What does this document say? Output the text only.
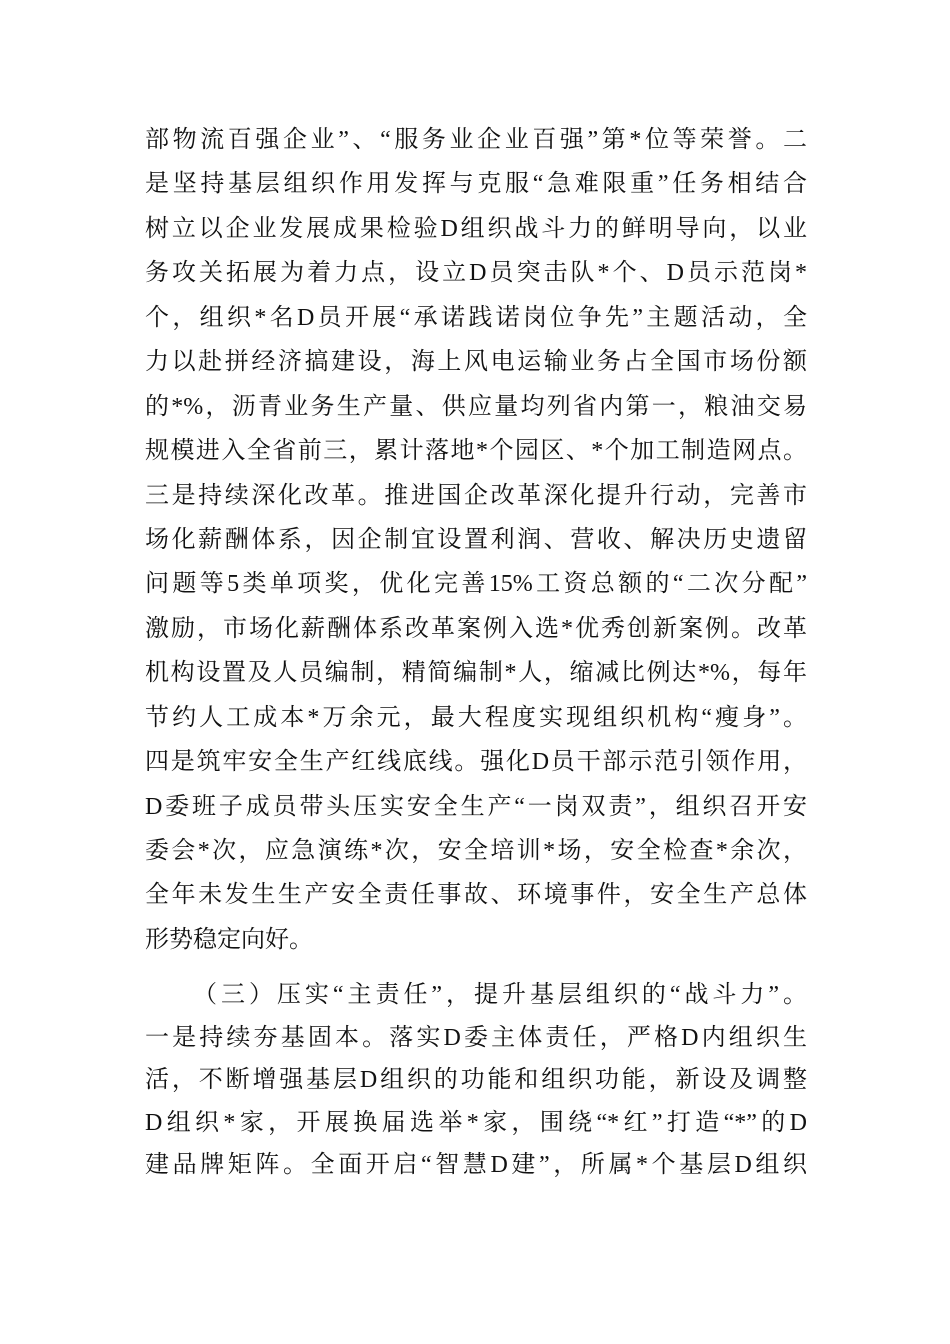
部物流百强企业”、“服务业企业百强”第*位等荣誉。二
是坚持基层组织作用发挥与克服“急难限重”任务相结合
树立以企业发展成果检验D组织战斗力的鲜明导向，以业
务攻关拓展为着力点，设立D员突击队*个、D员示范岗*
个，组织*名D员开展“承诺践诺岗位争先”主题活动，全
力以赴拼经济搞建设，海上风电运输业务占全国市场份额
的*%，沥青业务生产量、供应量均列省内第一，粮油交易
规模进入全省前三，累计落地*个园区、*个加工制造网点。
三是持续深化改革。推进国企改革深化提升行动，完善市
场化薪酬体系，因企制宜设置利润、营收、解决历史遗留
问题等5类单项奖，优化完善15%工资总额的“二次分配”
激励，市场化薪酬体系改革案例入选*优秀创新案例。改革
机构设置及人员编制，精简编制*人，缩减比例达*%，每年
节约人工成本*万余元，最大程度实现组织机构“瘦身”。
四是筑牢安全生产红线底线。强化D员干部示范引领作用，
D委班子成员带头压实安全生产“一岗双责”，组织召开安
委会*次，应急演练*次，安全培训*场，安全检查*余次，
全年未发生生产安全责任事故、环境事件，安全生产总体
形势稳定向好。
（三）压实“主责任”，提升基层组织的“战斗力”。
一是持续夯基固本。落实D委主体责任，严格D内组织生
活，不断增强基层D组织的功能和组织功能，新设及调整
D组织*家，开展换届选举*家，围绕“*红”打造“*”的D
建品牌矩阵。全面开启“智慧D建”，所属*个基层D组织
